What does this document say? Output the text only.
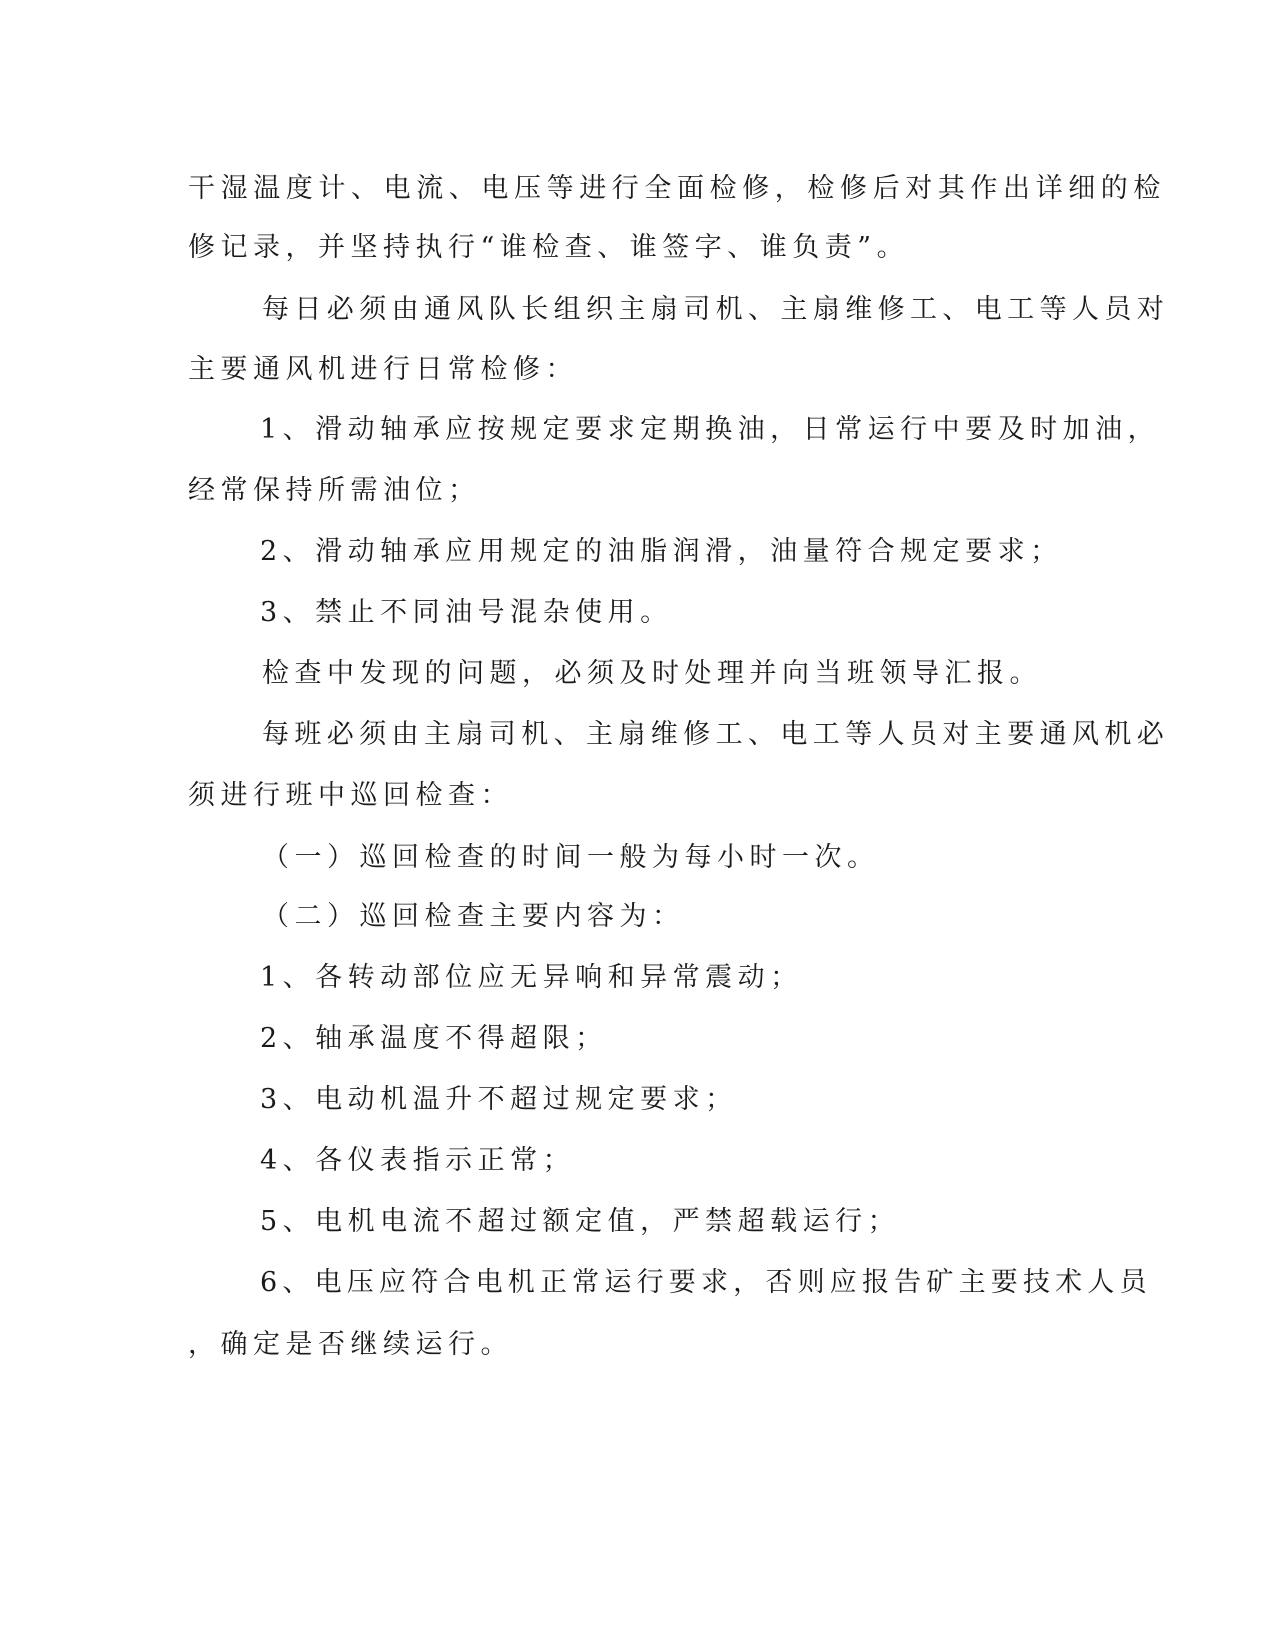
干湿温度计、电流、电压等进行全面检修，检修后对其作出详细的检
修记录，并坚持执行“谁检查、谁签字、谁负责”。
每日必须由通风队长组织主扇司机、主扇维修工、电工等人员对
主要通风机进行日常检修：
1、滑动轴承应按规定要求定期换油，日常运行中要及时加油，
经常保持所需油位；
2、滑动轴承应用规定的油脂润滑，油量符合规定要求；
3、禁止不同油号混杂使用。
检查中发现的问题，必须及时处理并向当班领导汇报。
每班必须由主扇司机、主扇维修工、电工等人员对主要通风机必
须进行班中巡回检查：
（一）巡回检查的时间一般为每小时一次。
（二）巡回检查主要内容为：
1、各转动部位应无异响和异常震动；
2、轴承温度不得超限；
3、电动机温升不超过规定要求；
4、各仪表指示正常；
5、电机电流不超过额定值，严禁超载运行；
6、电压应符合电机正常运行要求，否则应报告矿主要技术人员
，确定是否继续运行。
